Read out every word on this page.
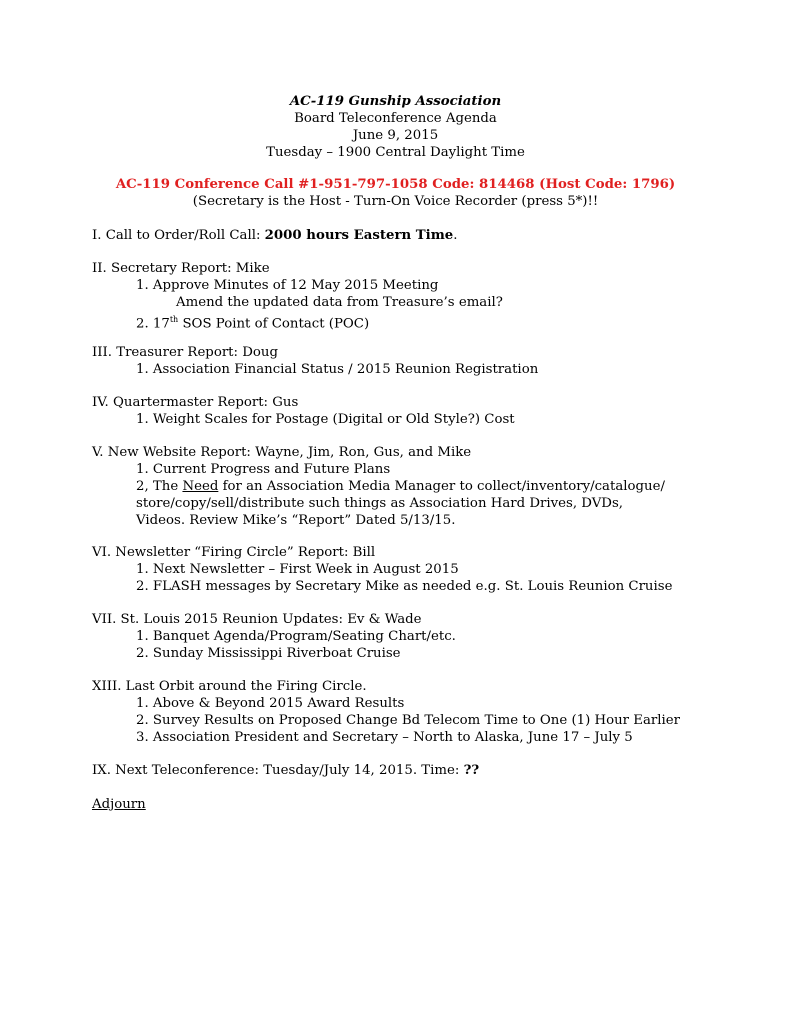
AC-119 Gunship Association
Board Teleconference Agenda
June 9, 2015
Tuesday – 1900 Central Daylight Time
AC-119 Conference Call #1-951-797-1058 Code: 814468 (Host Code: 1796)
(Secretary is the Host - Turn-On Voice Recorder (press 5*)!!
I. Call to Order/Roll Call: 2000 hours Eastern Time.
II. Secretary Report: Mike
1. Approve Minutes of 12 May 2015 Meeting
Amend the updated data from Treasure’s email?
2. 17th SOS Point of Contact (POC)
III. Treasurer Report: Doug
1. Association Financial Status / 2015 Reunion Registration
IV. Quartermaster Report: Gus
1. Weight Scales for Postage (Digital or Old Style?) Cost
V. New Website Report: Wayne, Jim, Ron, Gus, and Mike
1. Current Progress and Future Plans
2, The Need for an Association Media Manager to collect/inventory/catalogue/
store/copy/sell/distribute such things as Association Hard Drives, DVDs,
Videos. Review Mike’s “Report” Dated 5/13/15.
VI. Newsletter “Firing Circle” Report: Bill
1. Next Newsletter – First Week in August 2015
2. FLASH messages by Secretary Mike as needed e.g. St. Louis Reunion Cruise
VII. St. Louis 2015 Reunion Updates: Ev & Wade
1. Banquet Agenda/Program/Seating Chart/etc.
2. Sunday Mississippi Riverboat Cruise
XIII. Last Orbit around the Firing Circle.
1. Above & Beyond 2015 Award Results
2. Survey Results on Proposed Change Bd Telecom Time to One (1) Hour Earlier
3. Association President and Secretary – North to Alaska, June 17 – July 5
IX. Next Teleconference: Tuesday/July 14, 2015. Time: ??
Adjourn
